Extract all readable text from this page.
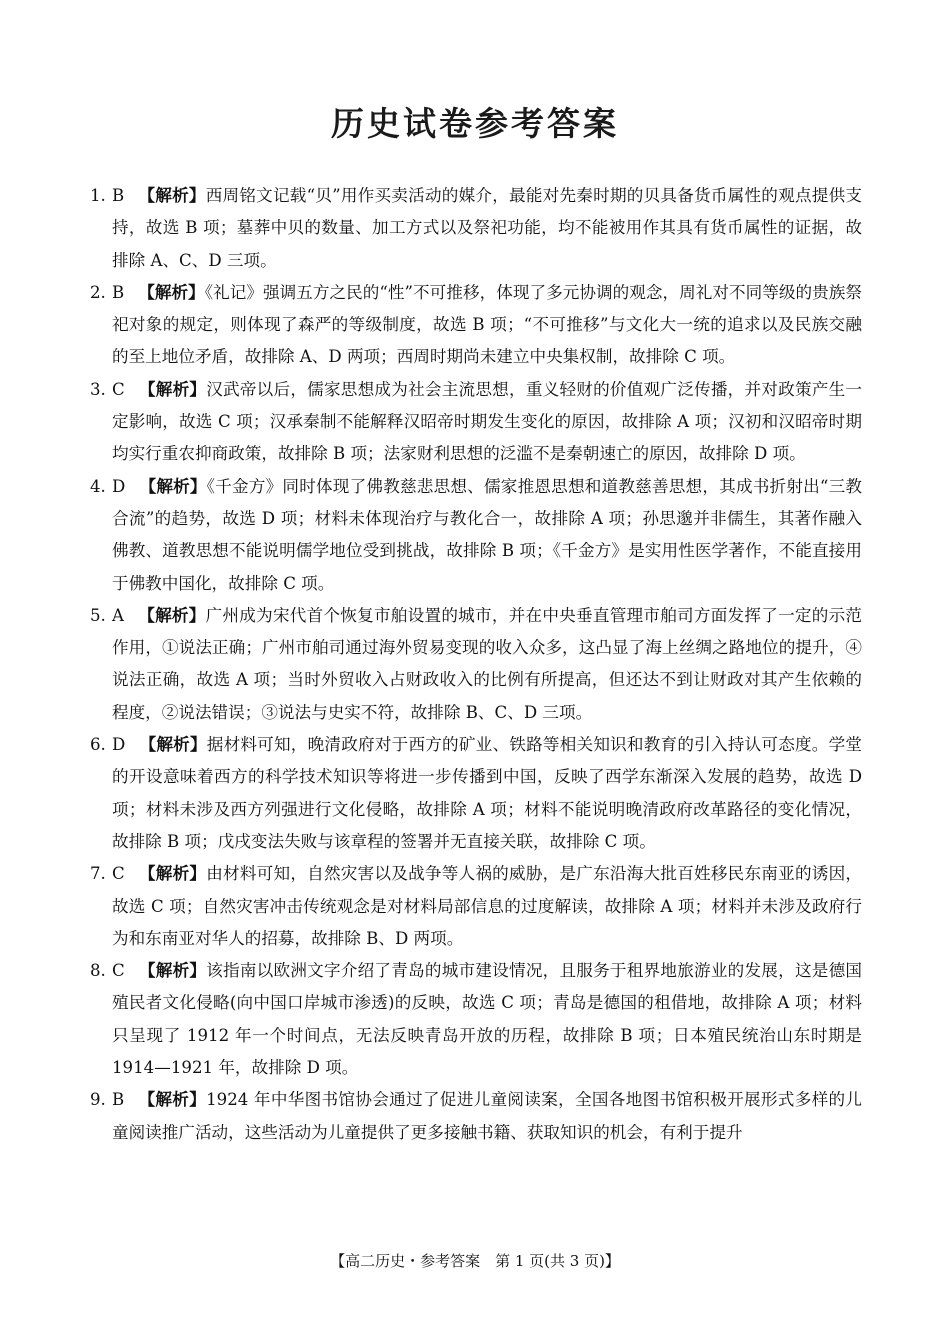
历史试卷参考答案
1. B 【解析】西周铭文记载“贝”用作买卖活动的媒介，最能对先秦时期的贝具备货币属性的观点提供支持，故选 B 项；墓葬中贝的数量、加工方式以及祭祀功能，均不能被用作其具有货币属性的证据，故排除 A、C、D 三项。
2. B 【解析】《礼记》强调五方之民的“性”不可推移，体现了多元协调的观念，周礼对不同等级的贵族祭祀对象的规定，则体现了森严的等级制度，故选 B 项；“不可推移”与文化大一统的追求以及民族交融的至上地位矛盾，故排除 A、D 两项；西周时期尚未建立中央集权制，故排除 C 项。
3. C 【解析】汉武帝以后，儒家思想成为社会主流思想，重义轻财的价值观广泛传播，并对政策产生一定影响，故选 C 项；汉承秦制不能解释汉昭帝时期发生变化的原因，故排除 A 项；汉初和汉昭帝时期均实行重农抑商政策，故排除 B 项；法家财利思想的泛滥不是秦朝速亡的原因，故排除 D 项。
4. D 【解析】《千金方》同时体现了佛教慈悲思想、儒家推恩思想和道教慈善思想，其成书折射出“三教合流”的趋势，故选 D 项；材料未体现治疗与教化合一，故排除 A 项；孙思邈并非儒生，其著作融入佛教、道教思想不能说明儒学地位受到挑战，故排除 B 项；《千金方》是实用性医学著作，不能直接用于佛教中国化，故排除 C 项。
5. A 【解析】广州成为宋代首个恢复市舶设置的城市，并在中央垂直管理市舶司方面发挥了一定的示范作用，①说法正确；广州市舶司通过海外贸易变现的收入众多，这凸显了海上丝绸之路地位的提升，④说法正确，故选 A 项；当时外贸收入占财政收入的比例有所提高，但还达不到让财政对其产生依赖的程度，②说法错误；③说法与史实不符，故排除 B、C、D 三项。
6. D 【解析】据材料可知，晚清政府对于西方的矿业、铁路等相关知识和教育的引入持认可态度。学堂的开设意味着西方的科学技术知识等将进一步传播到中国，反映了西学东渐深入发展的趋势，故选 D 项；材料未涉及西方列强进行文化侵略，故排除 A 项；材料不能说明晚清政府改革路径的变化情况，故排除 B 项；戊戌变法失败与该章程的签署并无直接关联，故排除 C 项。
7. C 【解析】由材料可知，自然灾害以及战争等人祸的威胁，是广东沿海大批百姓移民东南亚的诱因，故选 C 项；自然灾害冲击传统观念是对材料局部信息的过度解读，故排除 A 项；材料并未涉及政府行为和东南亚对华人的招募，故排除 B、D 两项。
8. C 【解析】该指南以欧洲文字介绍了青岛的城市建设情况，且服务于租界地旅游业的发展，这是德国殖民者文化侵略(向中国口岸城市渗透)的反映，故选 C 项；青岛是德国的租借地，故排除 A 项；材料只呈现了 1912 年一个时间点，无法反映青岛开放的历程，故排除 B 项；日本殖民统治山东时期是 1914—1921 年，故排除 D 项。
9. B 【解析】1924 年中华图书馆协会通过了促进儿童阅读案，全国各地图书馆积极开展形式多样的儿童阅读推广活动，这些活动为儿童提供了更多接触书籍、获取知识的机会，有利于提升
【高二历史・参考答案　第 1 页(共 3 页)】
